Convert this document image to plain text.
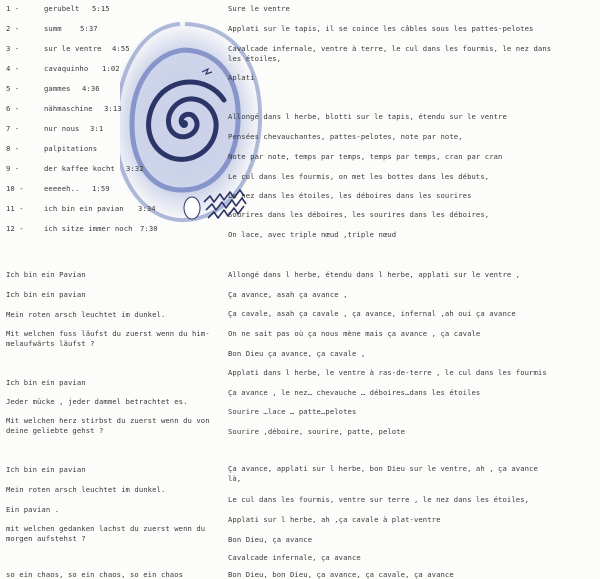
1 -	gerubelt 5:15
2 -	summ	5:37
3 -	sur le ventre 4:55
4 -	cavaquinho 1:02
5 -	gammes 4:36
6 -	nähmaschine 3:13
7 -	nur nous 3:1
8 -	palpitations
9 -	der kaffee kocht 3:32
10 -	eeeeeh.. 1:59
11 -	ich bin ein pavian 3:34
12 -	ich sitze immer noch 7:30
Sure le ventre
Applati sur le tapis, il se coince les câbles sous les pattes-pelotes
Cavalcade infernale, ventre à terre, le cul dans les fourmis, le nez dans les étoiles,
Aplati
Allongé dans l herbe, blotti sur le tapis, étendu sur le ventre
Pensées chevauchantes, pattes-pelotes, note par note,
Note par note, temps par temps, temps par temps, cran par cran
Le cul dans les fourmis, on met les bottes dans les débuts,
Le nez dans les étoiles, les déboires dans les sourires
Sourires dans les déboires, les sourires dans les déboires,
On lace, avec triple nœud ,triple nœud
Ich bin ein Pavian
Ich bin ein pavian
Mein roten arsch leuchtet im dunkel.
Mit welchen fuss läufst du zuerst wenn du him-melaufwärts läufst ?
Ich bin ein pavian
Jeder mücke , jeder dammel betrachtet es.
Mit welchen herz stirbst du zuerst wenn du von deine geliebte gehst ?
Ich bin ein pavian
Mein roten arsch leuchtet im dunkel.
Ein pavian .
mit welchen gedanken lachst du zuerst wenn du morgen aufstehst ?
so ein chaos, so ein chaos, so ein chaos
Allongé dans l herbe, étendu dans l herbe, applati sur le ventre ,
Ça avance, asah ça avance ,
Ça cavale, asah ça cavale , ça avance, infernal ,ah oui ça avance
On ne sait pas où ça nous mène mais ça avance , ça cavale
Bon Dieu ça avance, ça cavale ,
Applati dans l herbe, le ventre à ras-de-terre , le cul dans les fourmis
Ça avance , le nez… chevauche … déboires…dans les étoiles
Sourire …lace … patte…pelotes
Sourire ,déboire, sourire, patte, pelote
Ça avance, applati sur l herbe, bon Dieu sur le ventre, ah , ça avance là,
Le cul dans les fourmis, ventre sur terre , le nez dans les étoiles,
Applati sur l herbe, ah ,ça cavale à plat-ventre
Bon Dieu, ça avance
Cavalcade infernale, ça avance
Bon Dieu, bon Dieu, ça avance, ça cavale, ça avance
